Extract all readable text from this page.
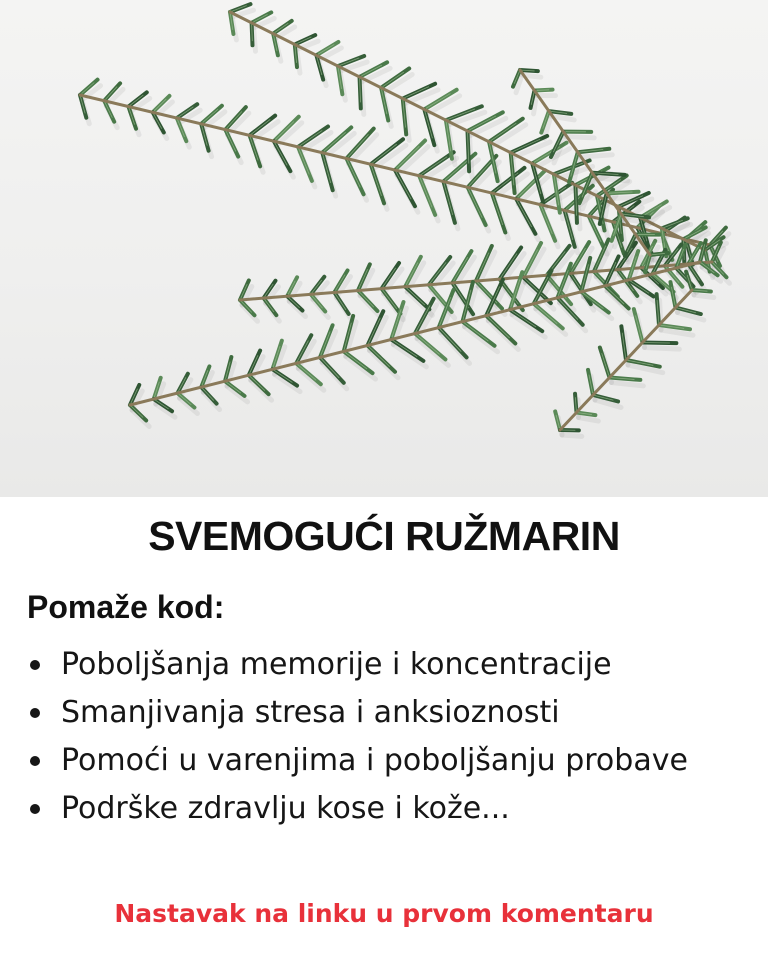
SVEMOGUĆI RUŽMARIN
Pomaže kod:
Poboljšanja memorije i koncentracije
Smanjivanja stresa i anksioznosti
Pomoći u varenjima i poboljšanju probave
Podrške zdravlju kose i kože...
Nastavak na linku u prvom komentaru
